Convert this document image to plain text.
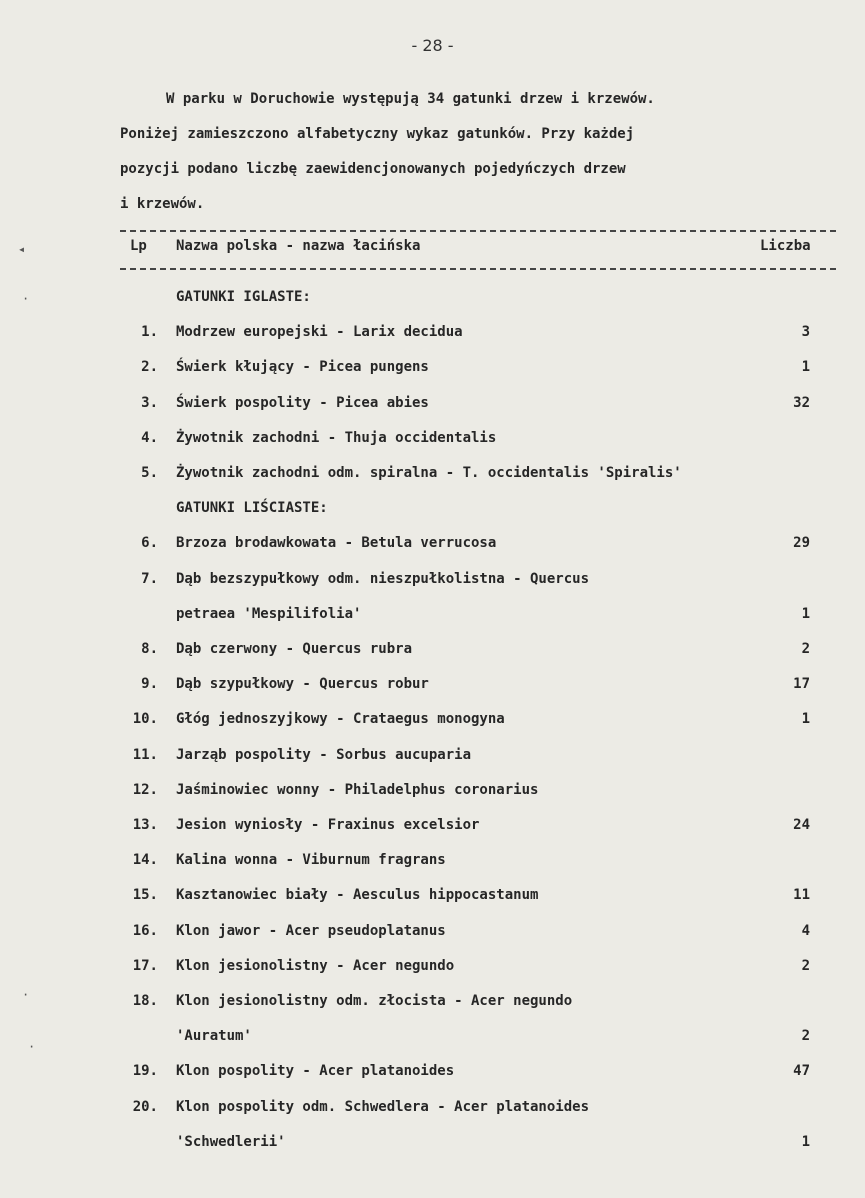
- 28 -
W parku w Doruchowie występują 34 gatunki drzew i krzewów.
Poniżej zamieszczono alfabetyczny wykaz gatunków. Przy każdej
pozycji podano liczbę zaewidencjonowanych pojedyńczych drzew
i krzewów.
Lp Nazwa polska - nazwa łacińska	Liczba
GATUNKI IGLASTE:
1. Modrzew europejski - Larix decidua	3
2. Świerk kłujący - Picea pungens	1
3. Świerk pospolity - Picea abies	32
4. Żywotnik zachodni - Thuja occidentalis
5. Żywotnik zachodni odm. spiralna - T. occidentalis 'Spiralis'
GATUNKI LIŚCIASTE:
6. Brzoza brodawkowata - Betula verrucosa	29
7. Dąb bezszypułkowy odm. nieszpułkolistna - Quercus
petraea 'Mespilifolia'	1
8. Dąb czerwony - Quercus rubra	2
9. Dąb szypułkowy - Quercus robur	17
10. Głóg jednoszyjkowy - Crataegus monogyna	1
11. Jarząb pospolity - Sorbus aucuparia
12. Jaśminowiec wonny - Philadelphus coronarius
13. Jesion wyniosły - Fraxinus excelsior	24
14. Kalina wonna - Viburnum fragrans
15. Kasztanowiec biały - Aesculus hippocastanum	11
16. Klon jawor - Acer pseudoplatanus	4
17. Klon jesionolistny - Acer negundo	2
18. Klon jesionolistny odm. złocista - Acer negundo
'Auratum'	2
19. Klon pospolity - Acer platanoides	47
20. Klon pospolity odm. Schwedlera - Acer platanoides
'Schwedlerii'	1
◂
·
·
·
